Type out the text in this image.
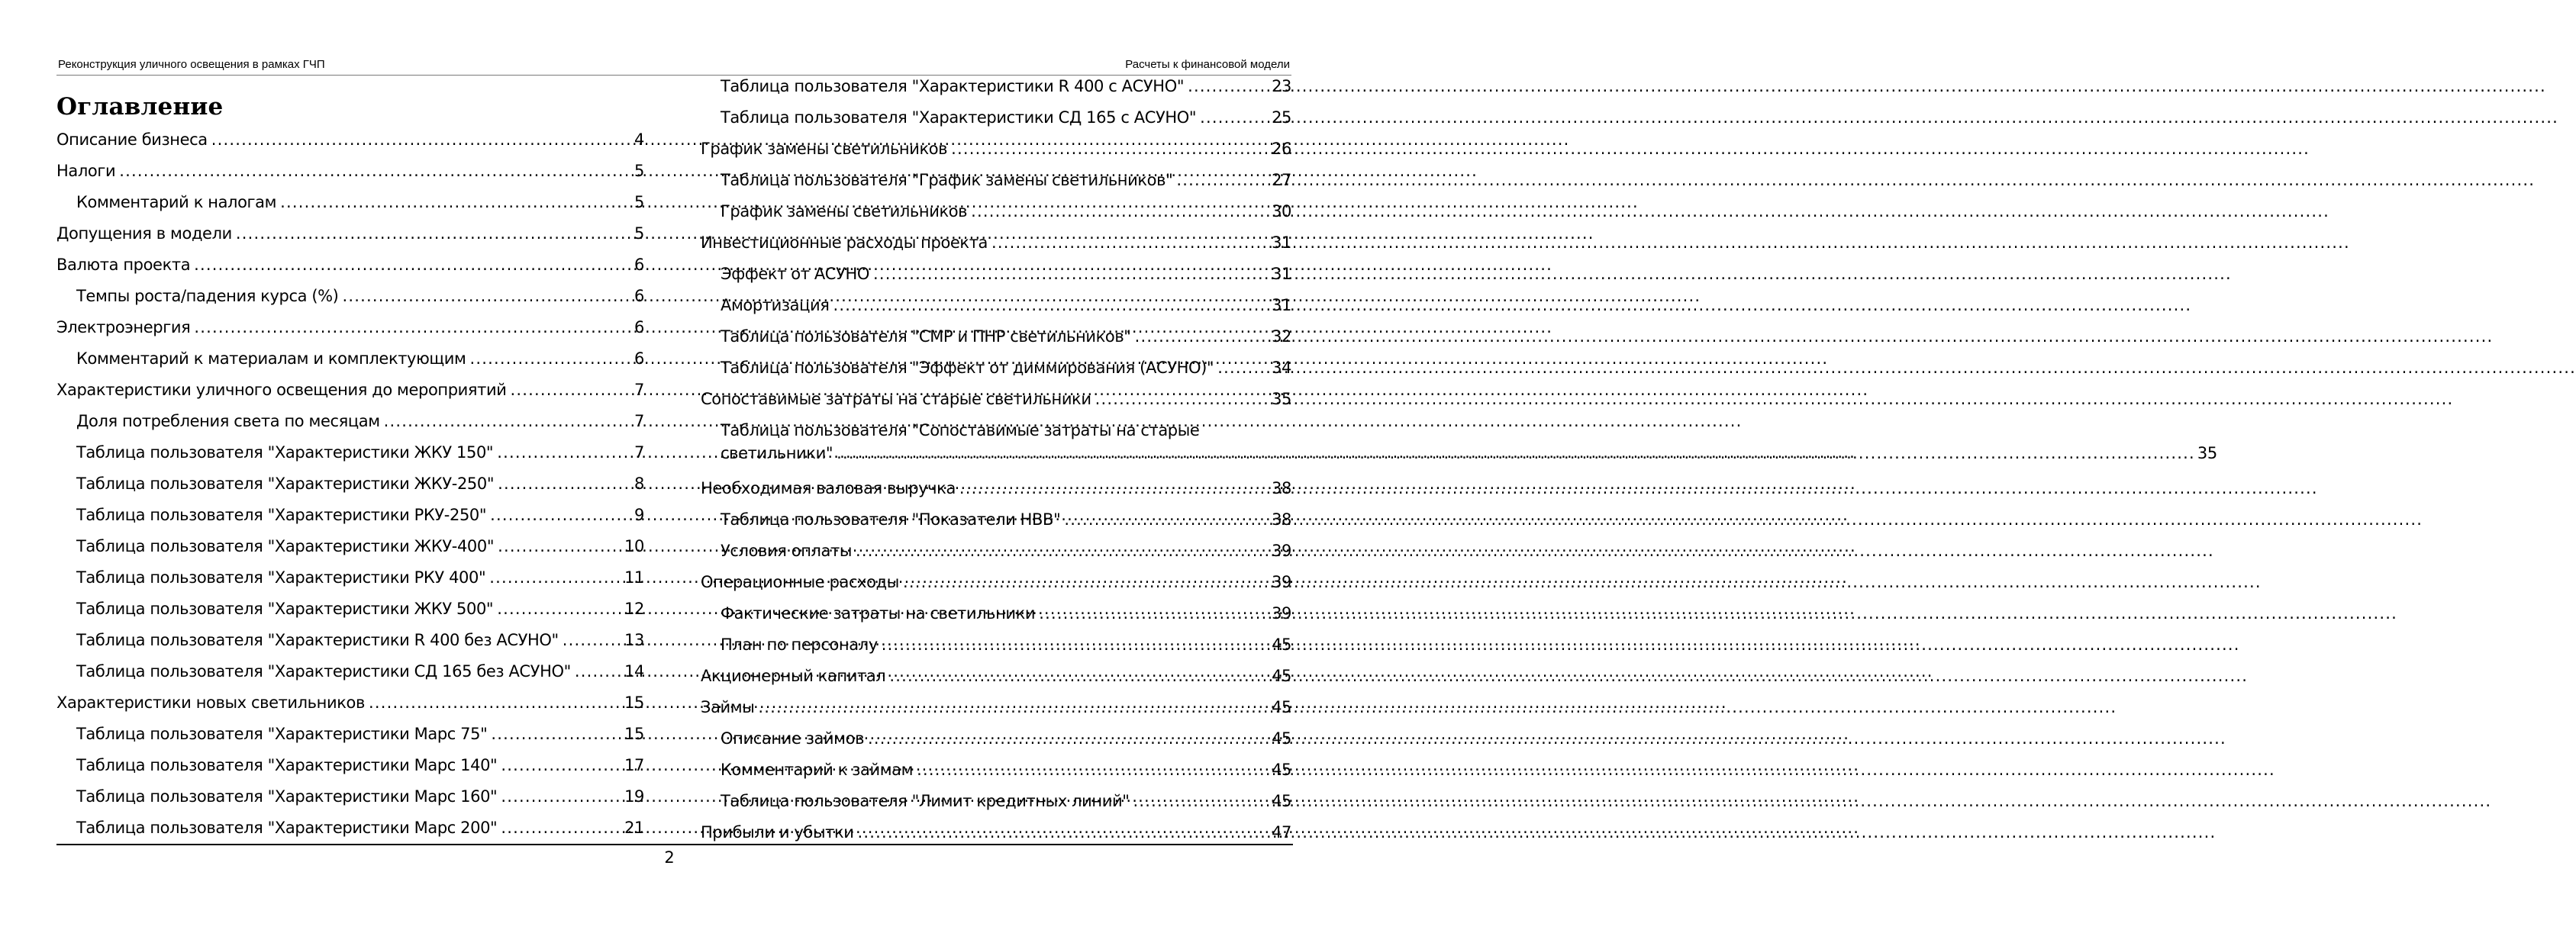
Реконструкция уличного освещения в рамках ГЧП	Расчеты к финансовой модели
Оглавление
Описание бизнеса .....	4
Налоги .....	5
Комментарий к налогам .....	5
Допущения в модели .....	5
Валюта проекта .....	6
Темпы роста/падения курса (%) .....	6
Электроэнергия .....	6
Комментарий к материалам и комплектующим .....	6
Характеристики уличного освещения до мероприятий .....	7
Доля потребления света по месяцам .....	7
Таблица пользователя "Характеристики ЖКУ 150" .....	7
Таблица пользователя "Характеристики ЖКУ-250" .....	8
Таблица пользователя "Характеристики РКУ-250" .....	9
Таблица пользователя "Характеристики ЖКУ-400" .....	10
Таблица пользователя "Характеристики РКУ 400" .....	11
Таблица пользователя "Характеристики ЖКУ 500" .....	12
Таблица пользователя "Характеристики R 400 без АСУНО" .....	13
Таблица пользователя "Характеристики СД 165 без АСУНО" .....	14
Характеристики новых светильников .....	15
Таблица пользователя "Характеристики Марс 75" .....	15
Таблица пользователя "Характеристики Марс 140" .....	17
Таблица пользователя "Характеристики Марс 160" .....	19
Таблица пользователя "Характеристики Марс 200" .....	21
Таблица пользователя "Характеристики R 400 с АСУНО" .....	23
Таблица пользователя "Характеристики СД 165 с АСУНО" .....	25
График замены светильников .....	26
Таблица пользователя "График замены светильников" .....	27
График замены светильников .....	30
Инвестиционные расходы проекта .....	31
Эффект от АСУНО .....	31
Амортизация .....	31
Таблица пользователя "СМР и ПНР светильников" .....	32
Таблица пользователя "Эффект от диммирования (АСУНО)" .....	34
Сопоставимые затраты на старые светильники .....	35
Таблица пользователя "Сопоставимые затраты на старые
светильники" .....	35
Необходимая валовая выручка .....	38
Таблица пользователя "Показатели НВВ" .....	38
Условия оплаты .....	39
Операционные расходы .....	39
Фактические затраты на светильники .....	39
План по персоналу .....	45
Акционерный капитал .....	45
Займы .....	45
Описание займов .....	45
Комментарий к займам .....	45
Таблица пользователя "Лимит кредитных линий" .....	45
Прибыли и убытки .....	47
2
